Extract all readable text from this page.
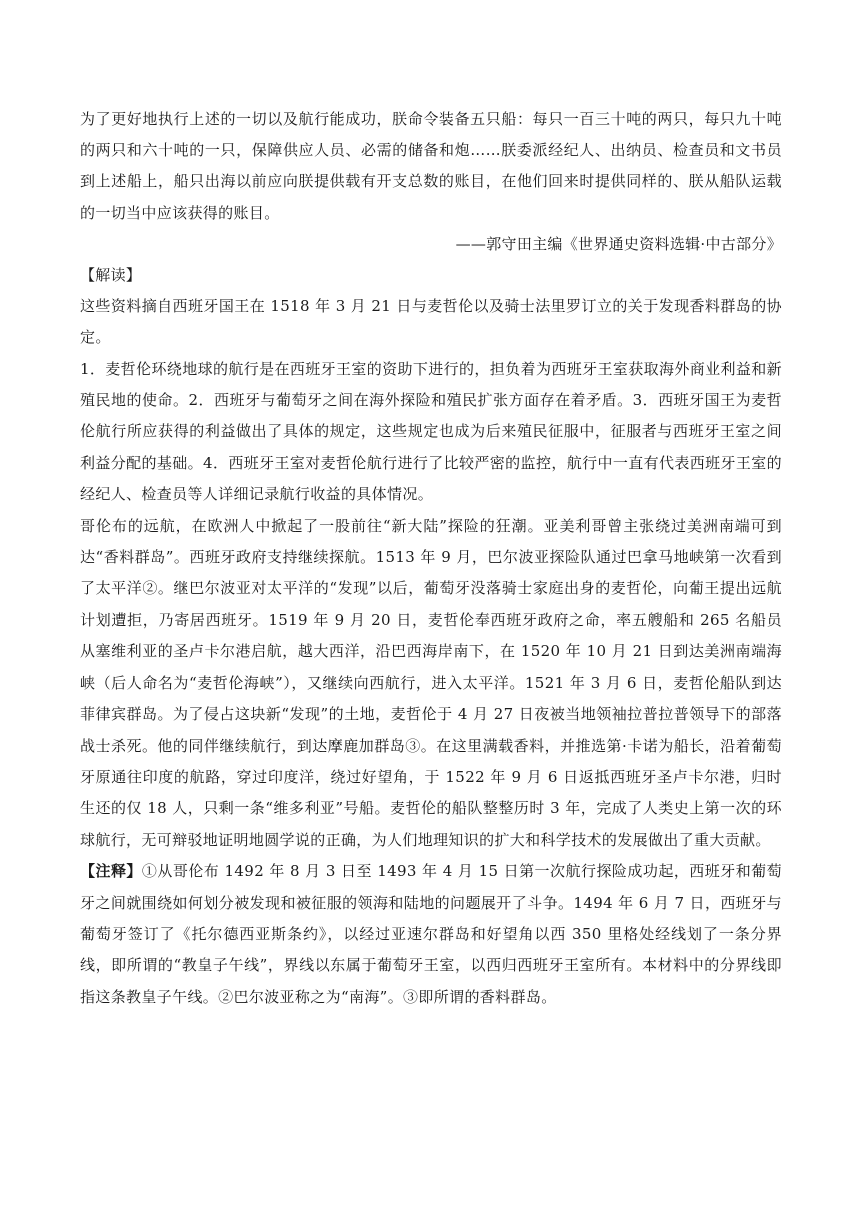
为了更好地执行上述的一切以及航行能成功，朕命令装备五只船：每只一百三十吨的两只，每只九十吨的两只和六十吨的一只，保障供应人员、必需的储备和炮……朕委派经纪人、出纳员、检查员和文书员到上述船上，船只出海以前应向朕提供载有开支总数的账目，在他们回来时提供同样的、朕从船队运载的一切当中应该获得的账目。

——郭守田主编《世界通史资料选辑·中古部分》

【解读】

这些资料摘自西班牙国王在 1518 年 3 月 21 日与麦哲伦以及骑士法里罗订立的关于发现香料群岛的协定。

1．麦哲伦环绕地球的航行是在西班牙王室的资助下进行的，担负着为西班牙王室获取海外商业利益和新殖民地的使命。2．西班牙与葡萄牙之间在海外探险和殖民扩张方面存在着矛盾。3．西班牙国王为麦哲伦航行所应获得的利益做出了具体的规定，这些规定也成为后来殖民征服中，征服者与西班牙王室之间利益分配的基础。4．西班牙王室对麦哲伦航行进行了比较严密的监控，航行中一直有代表西班牙王室的经纪人、检查员等人详细记录航行收益的具体情况。

哥伦布的远航，在欧洲人中掀起了一股前往“新大陆”探险的狂潮。亚美利哥曾主张绕过美洲南端可到达“香料群岛”。西班牙政府支持继续探航。1513 年 9 月，巴尔波亚探险队通过巴拿马地峡第一次看到了太平洋②。继巴尔波亚对太平洋的“发现”以后，葡萄牙没落骑士家庭出身的麦哲伦，向葡王提出远航计划遭拒，乃寄居西班牙。1519 年 9 月 20 日，麦哲伦奉西班牙政府之命，率五艘船和 265 名船员从塞维利亚的圣卢卡尔港启航，越大西洋，沿巴西海岸南下，在 1520 年 10 月 21 日到达美洲南端海峡（后人命名为“麦哲伦海峡”），又继续向西航行，进入太平洋。1521 年 3 月 6 日，麦哲伦船队到达菲律宾群岛。为了侵占这块新“发现”的土地，麦哲伦于 4 月 27 日夜被当地领袖拉普拉普领导下的部落战士杀死。他的同伴继续航行，到达摩鹿加群岛③。在这里满载香料，并推选第·卡诺为船长，沿着葡萄牙原通往印度的航路，穿过印度洋，绕过好望角，于 1522 年 9 月 6 日返抵西班牙圣卢卡尔港，归时生还的仅 18 人，只剩一条“维多利亚”号船。麦哲伦的船队整整历时 3 年，完成了人类史上第一次的环球航行，无可辩驳地证明地圆学说的正确，为人们地理知识的扩大和科学技术的发展做出了重大贡献。

【注释】①从哥伦布 1492 年 8 月 3 日至 1493 年 4 月 15 日第一次航行探险成功起，西班牙和葡萄牙之间就围绕如何划分被发现和被征服的领海和陆地的问题展开了斗争。1494 年 6 月 7 日，西班牙与葡萄牙签订了《托尔德西亚斯条约》，以经过亚速尔群岛和好望角以西 350 里格处经线划了一条分界线，即所谓的“教皇子午线”，界线以东属于葡萄牙王室，以西归西班牙王室所有。本材料中的分界线即指这条教皇子午线。②巴尔波亚称之为“南海”。③即所谓的香料群岛。
